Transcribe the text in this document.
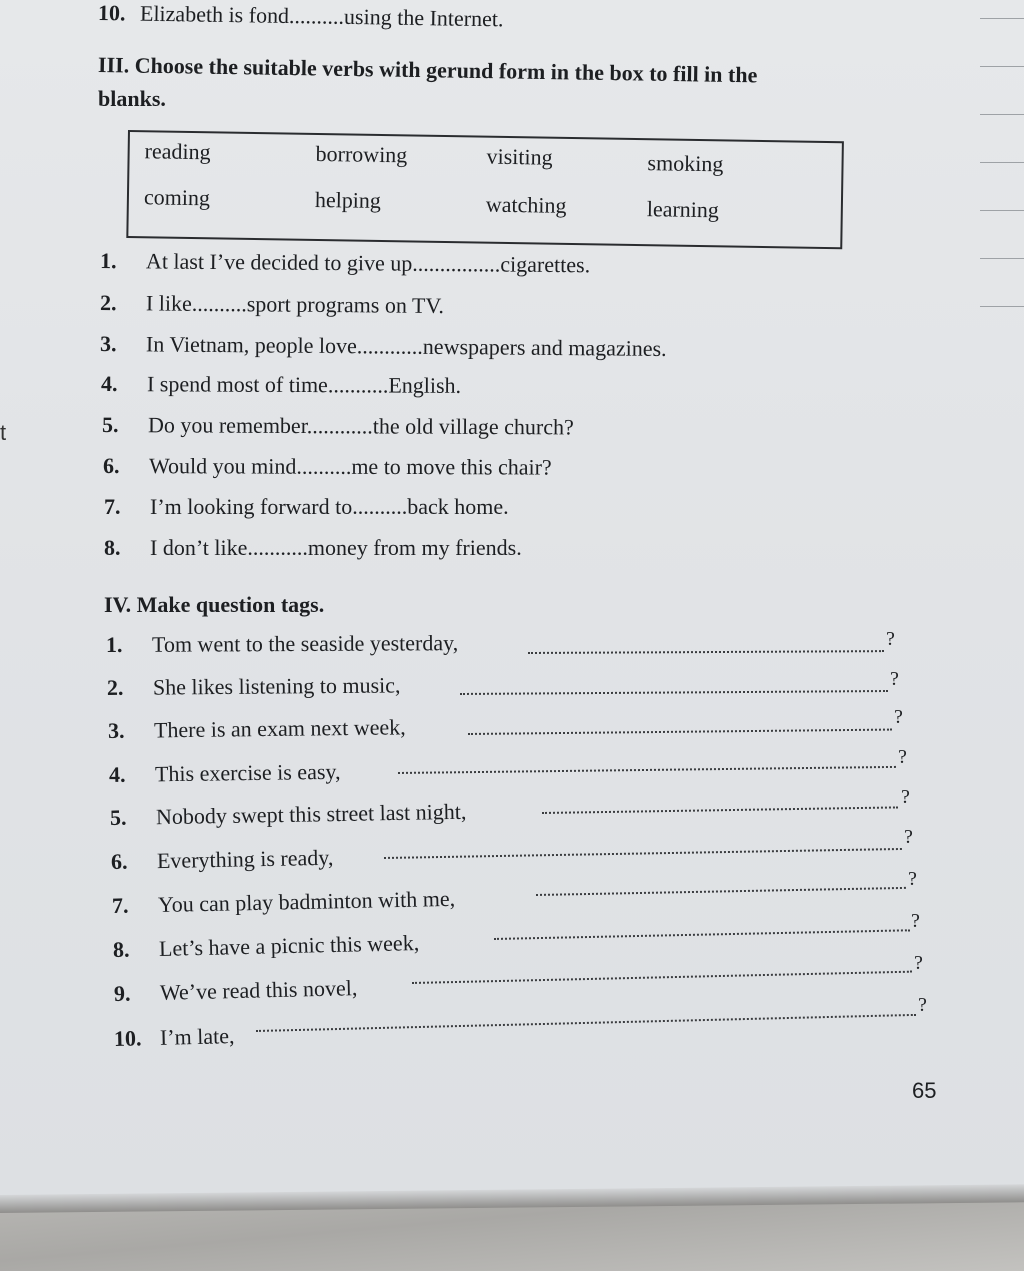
t
10. Elizabeth is fond..........using the Internet.
III. Choose the suitable verbs with gerund form in the box to fill in the
blanks.
reading	borrowing	visiting	smoking
coming	helping	watching	learning
1. At last I’ve decided to give up................cigarettes.
2. I like..........sport programs on TV.
3. In Vietnam, people love............newspapers and magazines.
4. I spend most of time...........English.
5. Do you remember............the old village church?
6. Would you mind..........me to move this chair?
7. I’m looking forward to..........back home.
8. I don’t like...........money from my friends.
IV. Make question tags.
1. Tom went to the seaside yesterday,	?
2. She likes listening to music,	?
3. There is an exam next week,	?
4. This exercise is easy,
?
5. Nobody swept this street last night,
?
6. Everything is ready,
?
7. You can play badminton with me,
?
8. Let’s have a picnic this week,
?
9. We’ve read this novel,
?
10. I’m late,
?
65
